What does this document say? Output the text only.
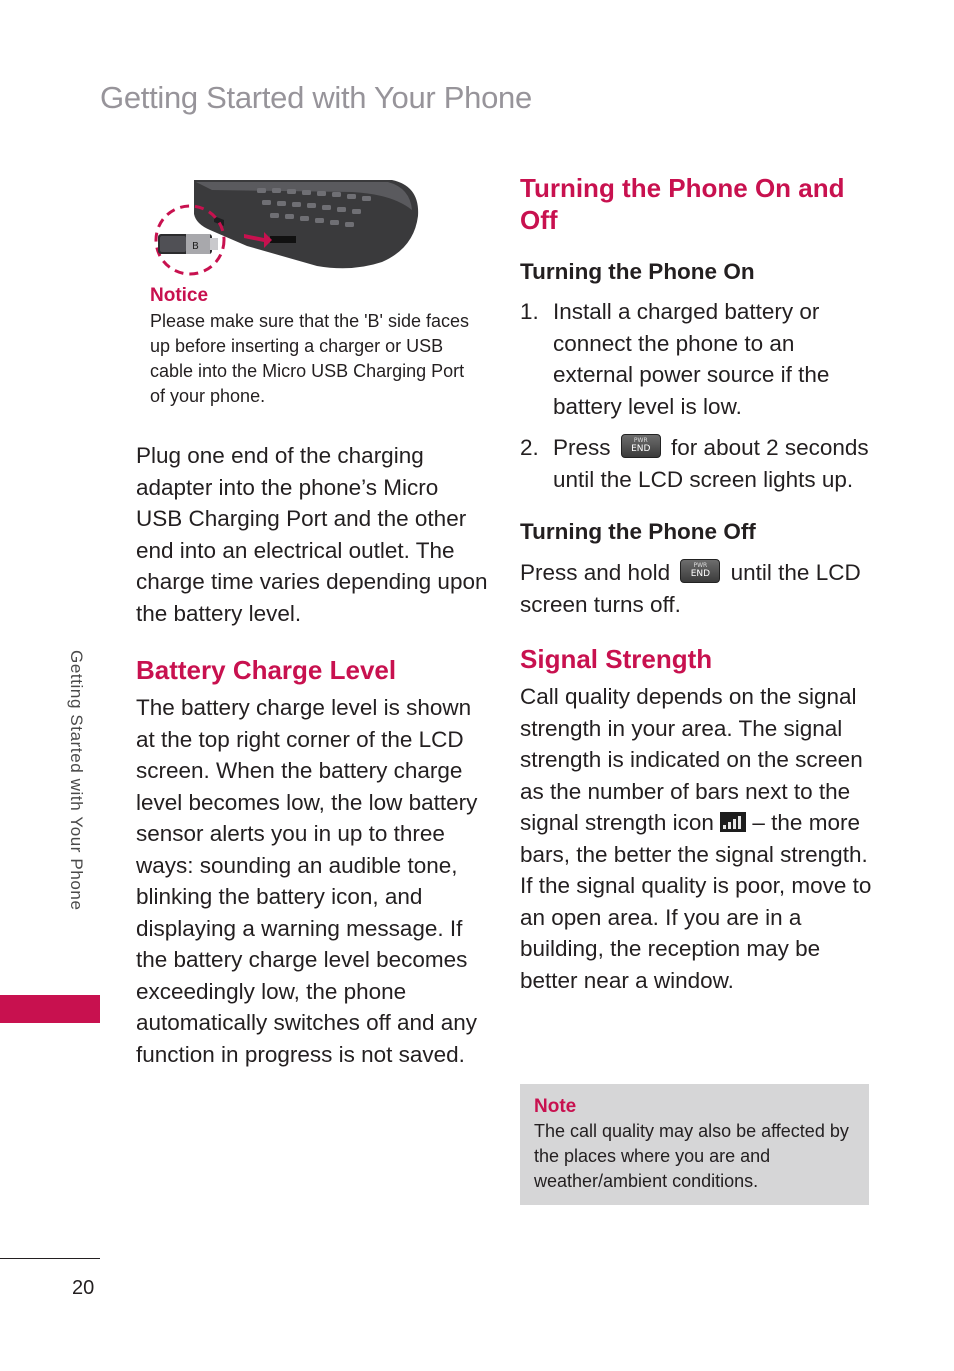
Getting Started with Your Phone
Getting Started with Your Phone
20
B
Notice
Please make sure that the 'B' side faces up before inserting a charger or USB cable into the Micro USB Charging Port of your phone.

Plug one end of the charging adapter into the phone’s Micro USB Charging Port and the other end into an electrical outlet. The charge time varies depending upon the battery level.

Battery Charge Level

The battery charge level is shown at the top right corner of the LCD screen. When the battery charge level becomes low, the low battery sensor alerts you in up to three ways: sounding an audible tone, blinking the battery icon, and displaying a warning message. If the battery charge level becomes exceedingly low, the phone automatically switches off and any function in progress is not saved.

Turning the Phone On and Off
Turning the Phone On
1. Install a charged battery or connect the phone to an external power source if the battery level is low.
2. Press	PWR
END for about 2 seconds until the LCD screen lights up.
Turning the Phone Off

Press and hold	PWR
END until the LCD screen turns off.

Signal Strength

Call quality depends on the signal strength in your area. The signal strength is indicated on the screen as the number of bars next to the signal strength icon – the more bars, the better the signal strength. If the signal quality is poor, move to an open area. If you are in a building, the reception may be better near a window.

Note
The call quality may also be affected by the places where you are and weather/ambient conditions.
